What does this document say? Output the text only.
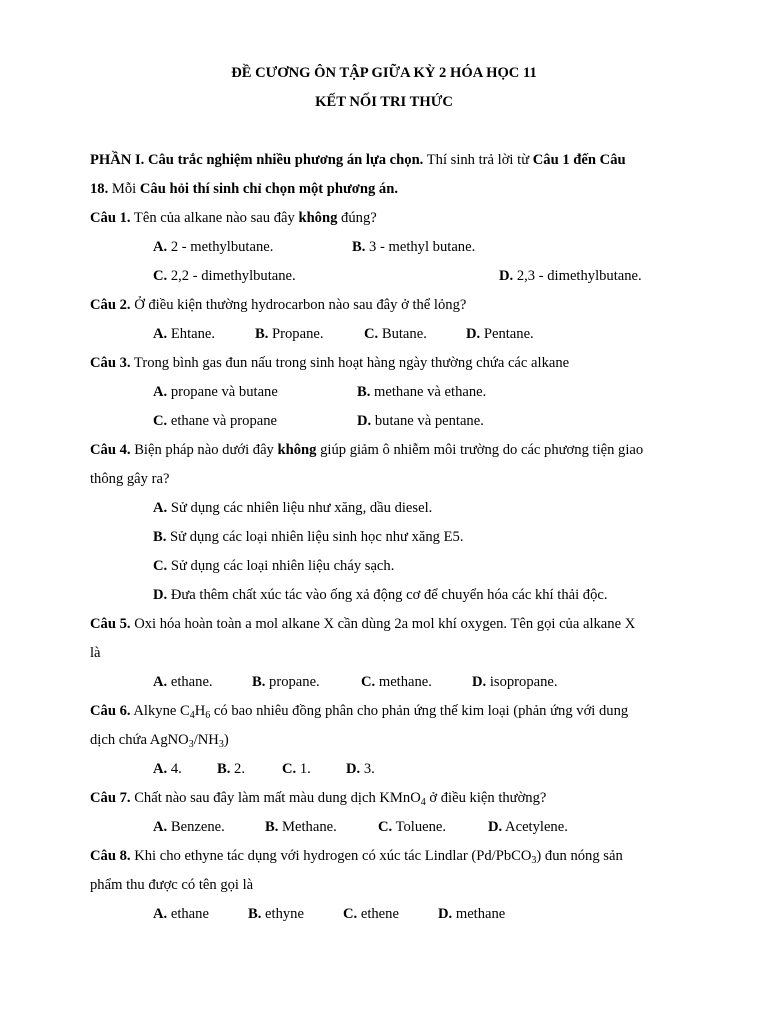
ĐỀ CƯƠNG ÔN TẬP GIỮA KỲ 2 HÓA HỌC 11
KẾT NỐI TRI THỨC
PHẦN I. Câu trắc nghiệm nhiều phương án lựa chọn. Thí sinh trả lời từ Câu 1 đến Câu
18. Mỗi Câu hỏi thí sinh chỉ chọn một phương án.
Câu 1. Tên của alkane nào sau đây không đúng?
A. 2 - methylbutane.	B. 3 - methyl butane.
C. 2,2 - dimethylbutane.	D. 2,3 - dimethylbutane.
Câu 2. Ở điều kiện thường hydrocarbon nào sau đây ở thể lỏng?
A. Ehtane.	B. Propane.	C. Butane.	D. Pentane.
Câu 3. Trong bình gas đun nấu trong sinh hoạt hàng ngày thường chứa các alkane
A. propane và butane	B. methane và ethane.
C. ethane và propane	D. butane và pentane.
Câu 4. Biện pháp nào dưới đây không giúp giảm ô nhiễm môi trường do các phương tiện giao
thông gây ra?
A. Sử dụng các nhiên liệu như xăng, dầu diesel.
B. Sử dụng các loại nhiên liệu sinh học như xăng E5.
C. Sử dụng các loại nhiên liệu cháy sạch.
D. Đưa thêm chất xúc tác vào ống xả động cơ để chuyển hóa các khí thải độc.
Câu 5. Oxi hóa hoàn toàn a mol alkane X cần dùng 2a mol khí oxygen. Tên gọi của alkane X
là
A. ethane.	B. propane.	C. methane.	D. isopropane.
Câu 6. Alkyne $C_4H_6$ có bao nhiêu đồng phân cho phản ứng thế kim loại (phản ứng với dung
dịch chứa $AgNO_3/NH_3$)
A. 4. B. 2.	C. 1. D. 3.
Câu 7. Chất nào sau đây làm mất màu dung dịch KMnO$_4$ ở điều kiện thường?
A. Benzene.	B. Methane.	C. Toluene.	D. Acetylene.
Câu 8. Khi cho ethyne tác dụng với hydrogen có xúc tác Lindlar (Pd/PbCO$_3$) đun nóng sản
phẩm thu được có tên gọi là
A. ethane	B. ethyne	C. ethene	D. methane
